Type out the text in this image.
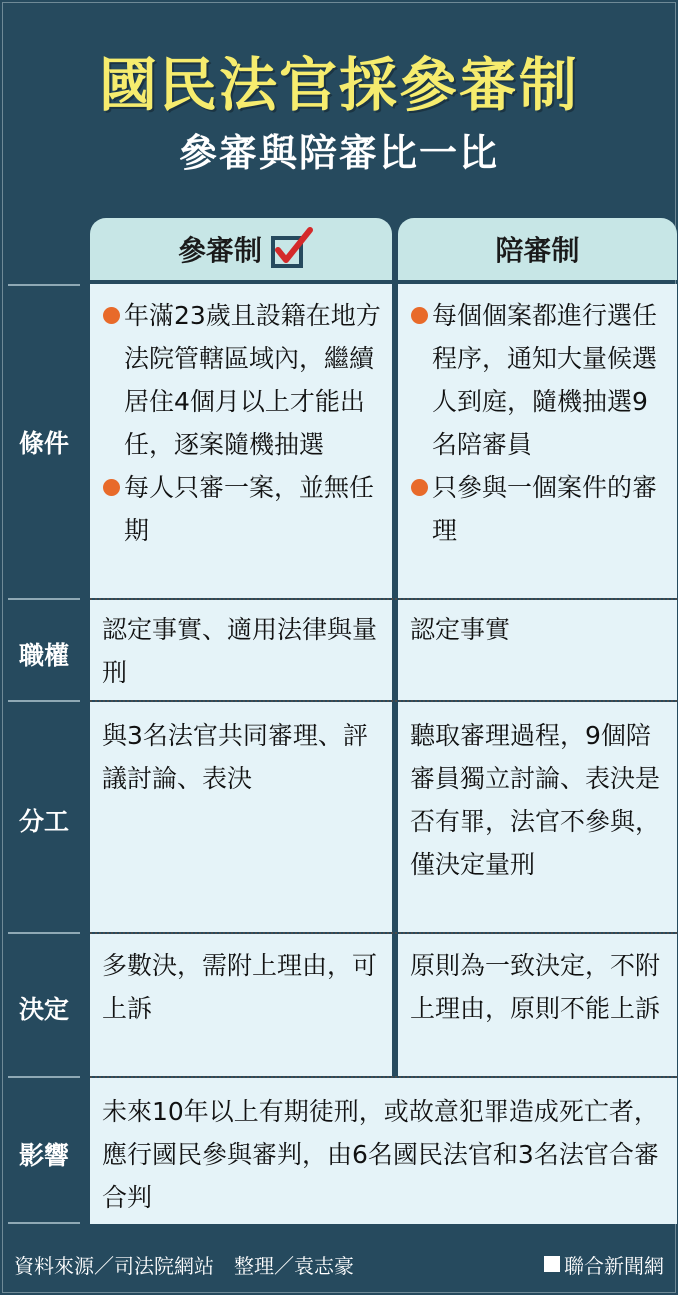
國民法官採參審制
參審與陪審比一比
參審制	陪審制
條件
年滿23歲且設籍在地方法院管轄區域內，繼續居住4個月以上才能出任，逐案隨機抽選
每人只審一案，並無任期
每個個案都進行選任程序，通知大量候選人到庭，隨機抽選9名陪審員
只參與一個案件的審理
職權
認定事實、適用法律與量刑
認定事實
分工
與3名法官共同審理、評議討論、表決
聽取審理過程，9個陪審員獨立討論、表決是否有罪，法官不參與，僅決定量刑
決定
多數決，需附上理由，可上訴
原則為一致決定，不附上理由，原則不能上訴
影響
未來10年以上有期徒刑，或故意犯罪造成死亡者，應行國民參與審判，由6名國民法官和3名法官合審合判
資料來源／司法院網站　整理／袁志豪	聯合新聞網
